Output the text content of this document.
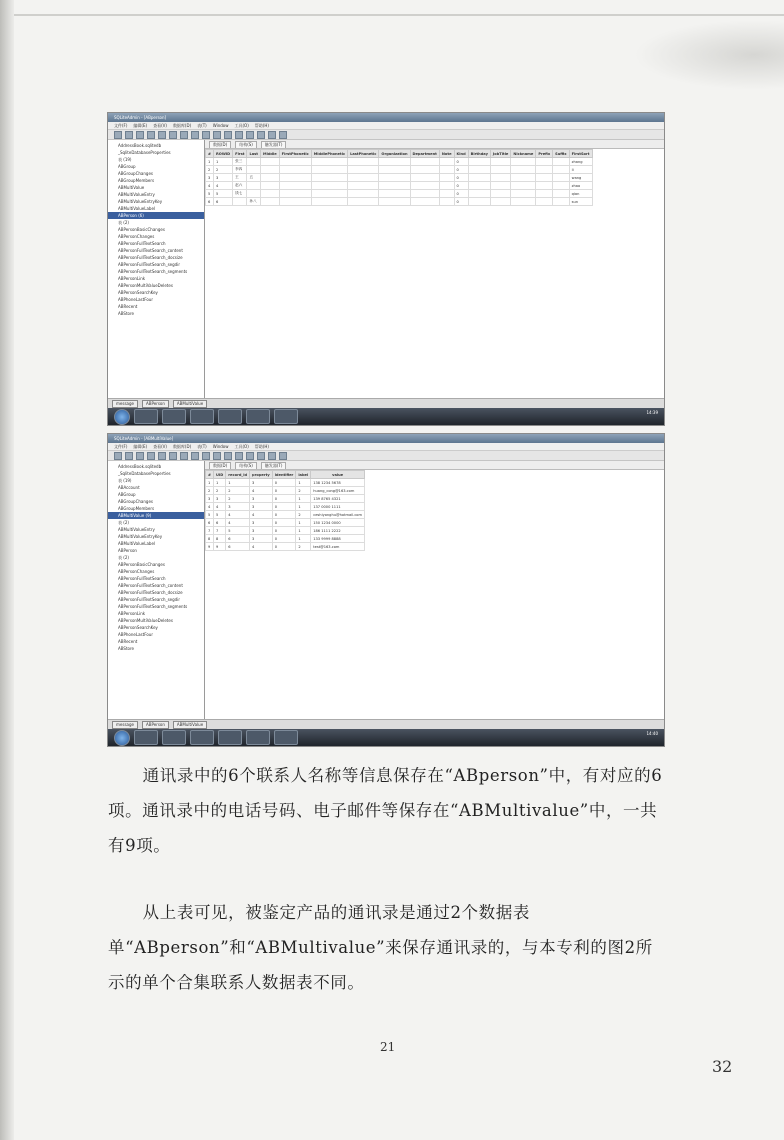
SQLiteAdmin - [ABperson]
文件(F) 编辑(E) 查看(V) 数据库(D) 表(T) Window 工具(O) 帮助(H)
AddressBook.sqlitedb
_SqliteDatabaseProperties
表 (19)
ABGroup
ABGroupChanges
ABGroupMembers
ABMultiValue
ABMultiValueEntry
ABMultiValueEntryKey
ABMultiValueLabel
ABPerson (6)
表 (2)
ABPersonBasicChanges
ABPersonChanges
ABPersonFullTextSearch
ABPersonFullTextSearch_content
ABPersonFullTextSearch_docsize
ABPersonFullTextSearch_segdir
ABPersonFullTextSearch_segments
ABPersonLink
ABPersonMultiValueDeletes
ABPersonSearchKey
ABPhoneLastFour
ABRecent
ABStore
数据(D)	结构(S)	触发器(T)
#	ROWID	First	Last	Middle	FirstPhonetic	MiddlePhonetic	LastPhonetic	Organization	Department	Note	Kind	Birthday	JobTitle	Nickname	Prefix	Suffix	FirstSort
1	1	张三									0						zhang
2	2	李四									0						li
3	3	王	五								0						wang
4	4	赵六									0						zhao
5	5	钱七									0						qian
6	6		孙八								0						sun
message	ABPerson	ABMultiValue
14:39
SQLiteAdmin - [ABMultiValue]
文件(F) 编辑(E) 查看(V) 数据库(D) 表(T) Window 工具(O) 帮助(H)
AddressBook.sqlitedb
_SqliteDatabaseProperties
表 (19)
ABAccount
ABGroup
ABGroupChanges
ABGroupMembers
ABMultiValue (9)
表 (2)
ABMultiValueEntry
ABMultiValueEntryKey
ABMultiValueLabel
ABPerson
表 (2)
ABPersonBasicChanges
ABPersonChanges
ABPersonFullTextSearch
ABPersonFullTextSearch_content
ABPersonFullTextSearch_docsize
ABPersonFullTextSearch_segdir
ABPersonFullTextSearch_segments
ABPersonLink
ABPersonMultiValueDeletes
ABPersonSearchKey
ABPhoneLastFour
ABRecent
ABStore
数据(D)	结构(S)	触发器(T)
#	UID	record_id	property	identifier	label	value
1	1	1	3	0	1	138 1234 5678
2	2	2	4	0	2	huang_cong@163.com
3	3	2	3	0	1	139 8765 4321
4	4	3	3	0	1	137 0000 1111
5	5	4	4	0	2	ceshiyonghu@hotmail.com
6	6	4	3	0	1	150 1234 0000
7	7	5	3	0	1	186 1111 2222
8	8	6	3	0	1	133 9999 8888
9	9	6	4	0	2	test@163.com
message	ABPerson	ABMultiValue
14:40

通讯录中的6个联系人名称等信息保存在“ABperson”中，有对应的6项。通讯录中的电话号码、电子邮件等保存在“ABMultivalue”中，一共有9项。

从上表可见，被鉴定产品的通讯录是通过2个数据表单“ABperson”和“ABMultivalue”来保存通讯录的，与本专利的图2所示的单个合集联系人数据表不同。

21
32
